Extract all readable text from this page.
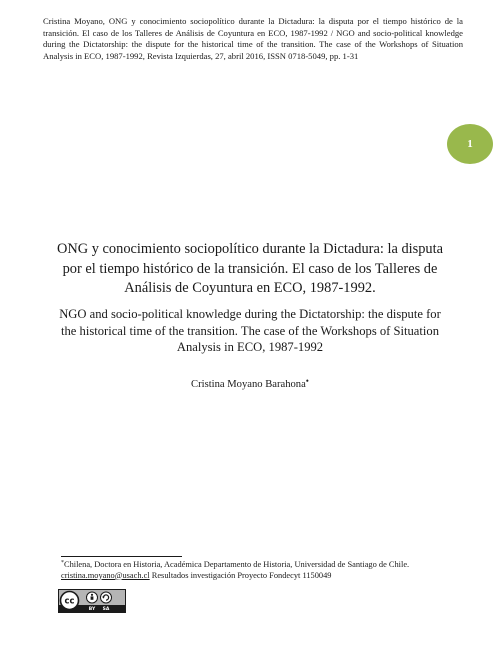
Cristina Moyano, ONG y conocimiento sociopolítico durante la Dictadura: la disputa por el tiempo histórico de la transición. El caso de los Talleres de Análisis de Coyuntura en ECO, 1987-1992 / NGO and socio-political knowledge during the Dictatorship: the dispute for the historical time of the transition. The case of the Workshops of Situation Analysis in ECO, 1987-1992, Revista Izquierdas, 27, abril 2016, ISSN 0718-5049, pp. 1-31
1
ONG y conocimiento sociopolítico durante la Dictadura: la disputa
por el tiempo histórico de la transición. El caso de los Talleres de
Análisis de Coyuntura en ECO, 1987-1992.
NGO and socio-political knowledge during the Dictatorship: the dispute for
the historical time of the transition. The case of the Workshops of Situation
Analysis in ECO, 1987-1992
Cristina Moyano Barahona•
*Chilena, Doctora en Historia, Académica Departamento de Historia, Universidad de Santiago de Chile.
cristina.moyano@usach.cl Resultados investigación Proyecto Fondecyt 1150049
cc
BY SA
